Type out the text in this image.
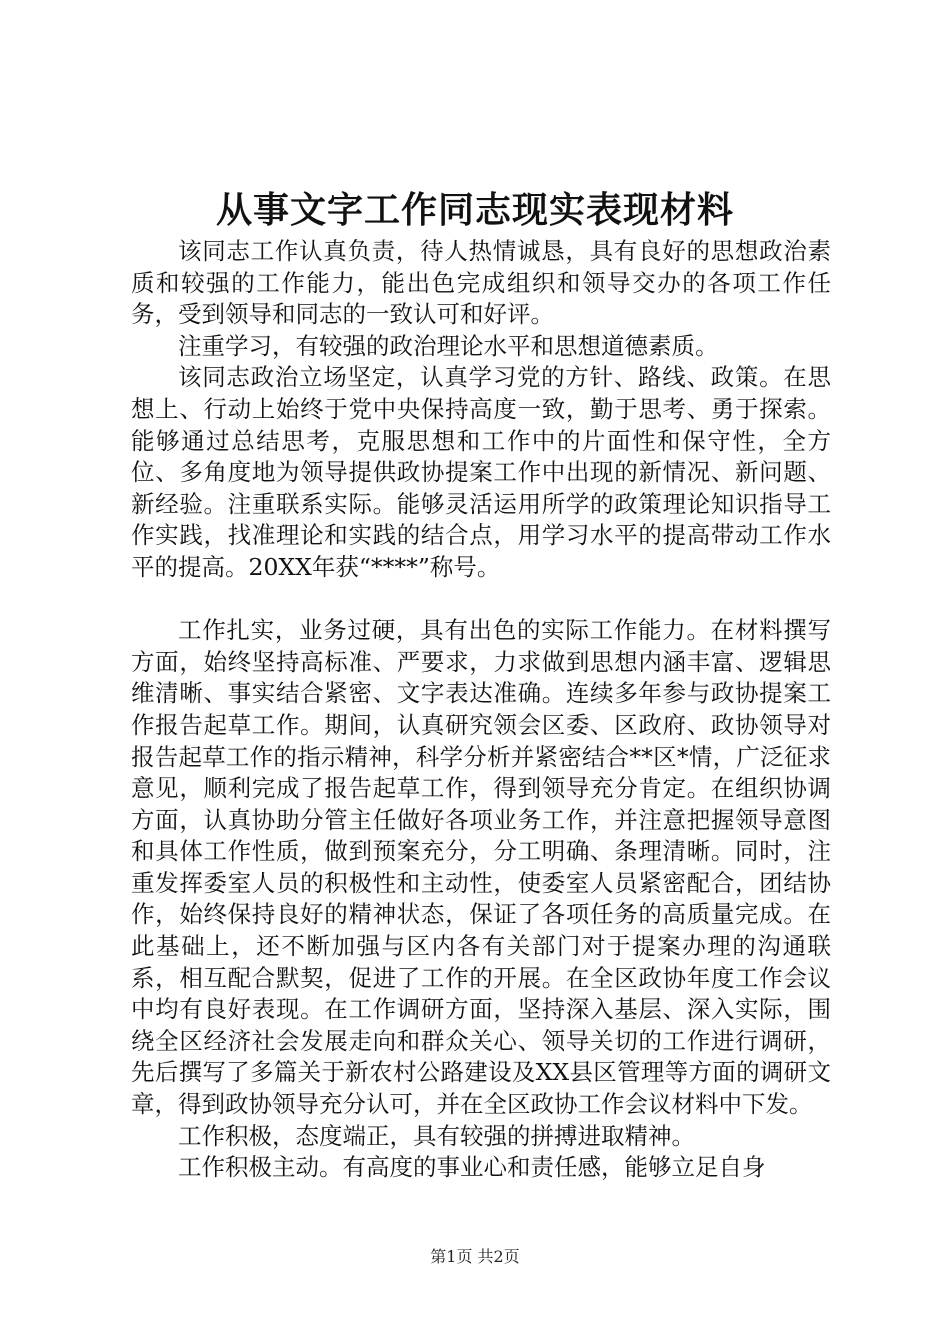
从事文字工作同志现实表现材料

该同志工作认真负责，待人热情诚恳，具有良好的思想政治素质和较强的工作能力，能出色完成组织和领导交办的各项工作任务，受到领导和同志的一致认可和好评。

注重学习，有较强的政治理论水平和思想道德素质。

该同志政治立场坚定，认真学习党的方针、路线、政策。在思想上、行动上始终于党中央保持高度一致，勤于思考、勇于探索。能够通过总结思考，克服思想和工作中的片面性和保守性，全方位、多角度地为领导提供政协提案工作中出现的新情况、新问题、新经验。注重联系实际。能够灵活运用所学的政策理论知识指导工作实践，找准理论和实践的结合点，用学习水平的提高带动工作水平的提高。20XX年获“****”称号。

工作扎实，业务过硬，具有出色的实际工作能力。在材料撰写方面，始终坚持高标准、严要求，力求做到思想内涵丰富、逻辑思维清晰、事实结合紧密、文字表达准确。连续多年参与政协提案工作报告起草工作。期间，认真研究领会区委、区政府、政协领导对报告起草工作的指示精神，科学分析并紧密结合**区*情，广泛征求意见，顺利完成了报告起草工作，得到领导充分肯定。在组织协调方面，认真协助分管主任做好各项业务工作，并注意把握领导意图和具体工作性质，做到预案充分，分工明确、条理清晰。同时，注重发挥委室人员的积极性和主动性，使委室人员紧密配合，团结协作，始终保持良好的精神状态，保证了各项任务的高质量完成。在此基础上，还不断加强与区内各有关部门对于提案办理的沟通联系，相互配合默契，促进了工作的开展。在全区政协年度工作会议中均有良好表现。在工作调研方面，坚持深入基层、深入实际，围绕全区经济社会发展走向和群众关心、领导关切的工作进行调研，先后撰写了多篇关于新农村公路建设及XX县区管理等方面的调研文章，得到政协领导充分认可，并在全区政协工作会议材料中下发。

工作积极，态度端正，具有较强的拼搏进取精神。

工作积极主动。有高度的事业心和责任感，能够立足自身

第1页 共2页
